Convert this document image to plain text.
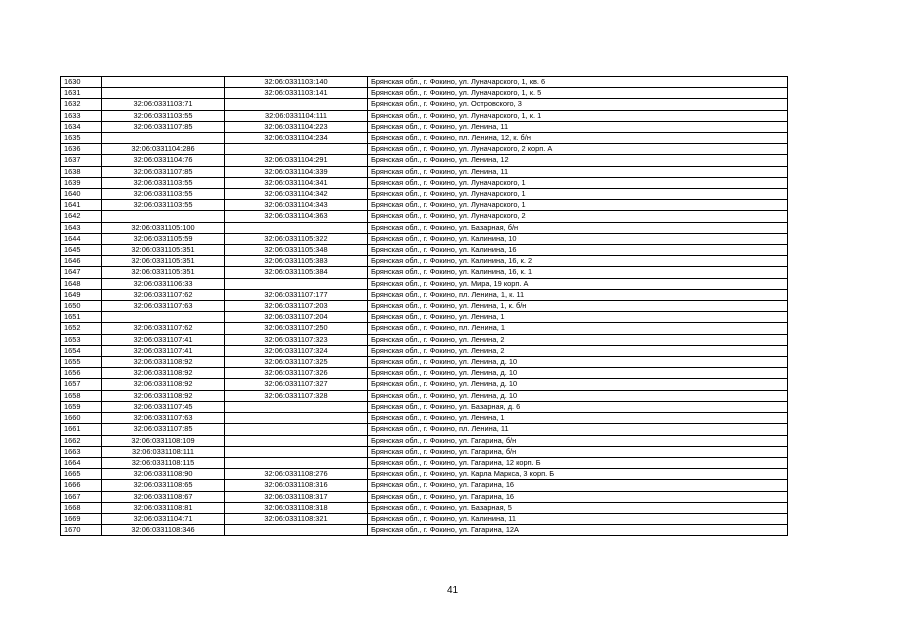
1630		32:06:0331103:140	Брянская обл., г. Фокино, ул. Луначарского, 1, кв. 6
1631		32:06:0331103:141	Брянская обл., г. Фокино, ул. Луначарского, 1, к. 5
1632	32:06:0331103:71		Брянская обл., г. Фокино, ул. Островского, 3
1633	32:06:0331103:55	32:06:0331104:111	Брянская обл., г. Фокино, ул. Луначарского, 1, к. 1
1634	32:06:0331107:85	32:06:0331104:223	Брянская обл., г. Фокино, ул. Ленина, 11
1635		32:06:0331104:234	Брянская обл., г. Фокино, пл. Ленина, 12, к. б/н
1636	32:06:0331104:286		Брянская обл., г. Фокино, ул. Луначарского, 2 корп. А
1637	32:06:0331104:76	32:06:0331104:291	Брянская обл., г. Фокино, ул. Ленина, 12
1638	32:06:0331107:85	32:06:0331104:339	Брянская обл., г. Фокино, ул. Ленина, 11
1639	32:06:0331103:55	32:06:0331104:341	Брянская обл., г. Фокино, ул. Луначарского, 1
1640	32:06:0331103:55	32:06:0331104:342	Брянская обл., г. Фокино, ул. Луначарского, 1
1641	32:06:0331103:55	32:06:0331104:343	Брянская обл., г. Фокино, ул. Луначарского, 1
1642		32:06:0331104:363	Брянская обл., г. Фокино, ул. Луначарского, 2
1643	32:06:0331105:100		Брянская обл., г. Фокино, ул. Базарная, б/н
1644	32:06:0331105:59	32:06:0331105:322	Брянская обл., г. Фокино, ул. Калинина, 10
1645	32:06:0331105:351	32:06:0331105:348	Брянская обл., г. Фокино, ул. Калинина, 16
1646	32:06:0331105:351	32:06:0331105:383	Брянская обл., г. Фокино, ул. Калинина, 16, к. 2
1647	32:06:0331105:351	32:06:0331105:384	Брянская обл., г. Фокино, ул. Калинина, 16, к. 1
1648	32:06:0331106:33		Брянская обл., г. Фокино, ул. Мира, 19 корп. А
1649	32:06:0331107:62	32:06:0331107:177	Брянская обл., г. Фокино, пл. Ленина, 1, к. 11
1650	32:06:0331107:63	32:06:0331107:203	Брянская обл., г. Фокино, ул. Ленина, 1, к. б/н
1651		32:06:0331107:204	Брянская обл., г. Фокино, ул. Ленина, 1
1652	32:06:0331107:62	32:06:0331107:250	Брянская обл., г. Фокино, пл. Ленина, 1
1653	32:06:0331107:41	32:06:0331107:323	Брянская обл., г. Фокино, ул. Ленина, 2
1654	32:06:0331107:41	32:06:0331107:324	Брянская обл., г. Фокино, ул. Ленина, 2
1655	32:06:0331108:92	32:06:0331107:325	Брянская обл., г. Фокино, ул. Ленина, д. 10
1656	32:06:0331108:92	32:06:0331107:326	Брянская обл., г. Фокино, ул. Ленина, д. 10
1657	32:06:0331108:92	32:06:0331107:327	Брянская обл., г. Фокино, ул. Ленина, д. 10
1658	32:06:0331108:92	32:06:0331107:328	Брянская обл., г. Фокино, ул. Ленина, д. 10
1659	32:06:0331107:45		Брянская обл., г. Фокино, ул. Базарная, д. 6
1660	32:06:0331107:63		Брянская обл., г. Фокино, ул. Ленина, 1
1661	32:06:0331107:85		Брянская обл., г. Фокино, пл. Ленина, 11
1662	32:06:0331108:109		Брянская обл., г. Фокино, ул. Гагарина, б/н
1663	32:06:0331108:111		Брянская обл., г. Фокино, ул. Гагарина, б/н
1664	32:06:0331108:115		Брянская обл., г. Фокино, ул. Гагарина, 12 корп. Б
1665	32:06:0331108:90	32:06:0331108:276	Брянская обл., г. Фокино, ул. Карла Маркса, 3 корп. Б
1666	32:06:0331108:65	32:06:0331108:316	Брянская обл., г. Фокино, ул. Гагарина, 16
1667	32:06:0331108:67	32:06:0331108:317	Брянская обл., г. Фокино, ул. Гагарина, 16
1668	32:06:0331108:81	32:06:0331108:318	Брянская обл., г. Фокино, ул. Базарная, 5
1669	32:06:0331104:71	32:06:0331108:321	Брянская обл., г. Фокино, ул. Калинина, 11
1670	32:06:0331108:346		Брянская обл., г. Фокино, ул. Гагарина, 12А
41
